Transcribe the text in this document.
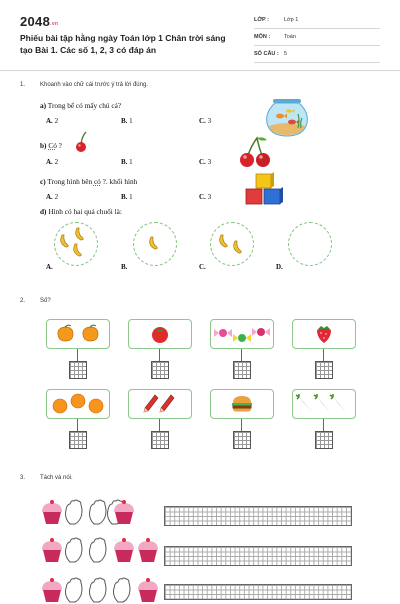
$2048^{.vn}$
Phiếu bài tập hằng ngày Toán lớp 1 Chân trời sáng tạo Bài 1. Các số 1, 2, 3 có đáp án
LỚP :	Lớp 1
MÔN :	Toán
SỐ CÂU : 5
1. Khoanh vào chữ cái trước ý trả lời đúng.
a) Trong bể có mấy chú cá?
A. 2	B. 1	C. 3
b) Có ?
A. 2	B. 1	C. 3
c) Trong hình bên có ?. khối hình
A. 2	B. 1	C. 3
d) Hình có hai quả chuối là:
A.	B.	C.	D.
2. Số?
3. Tách và nói.
